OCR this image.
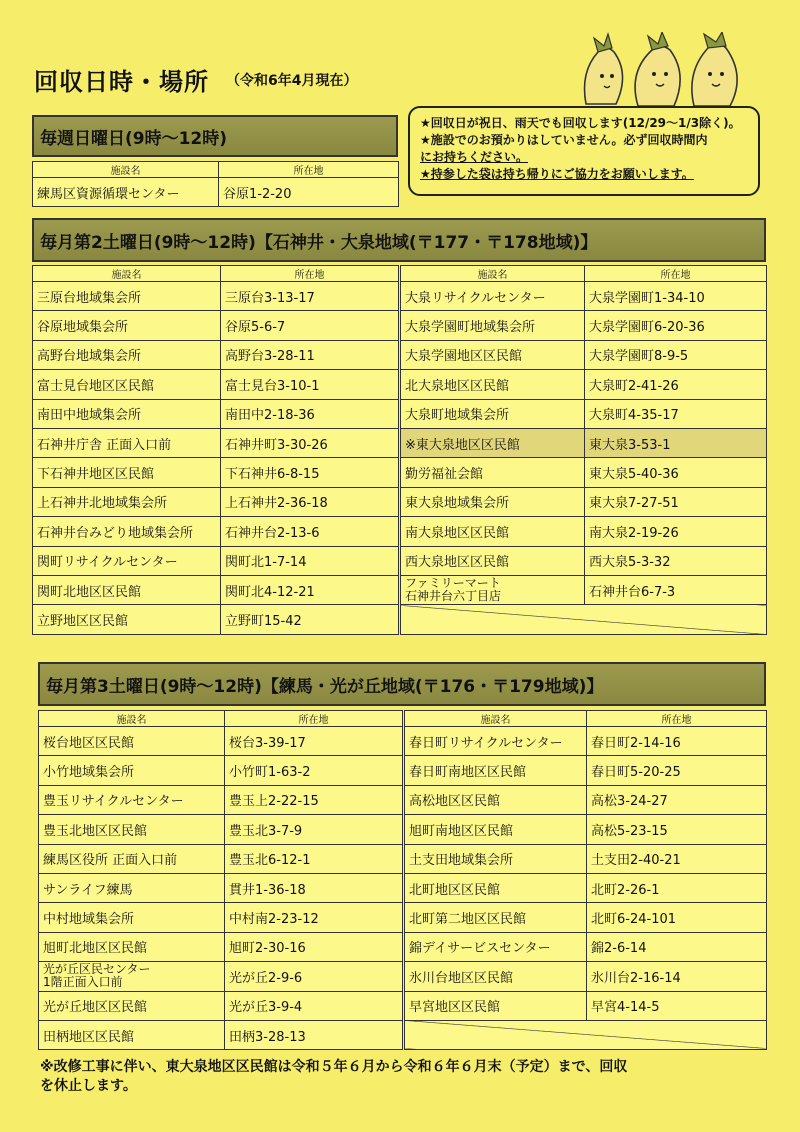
回収日時・場所 （令和6年4月現在）
★回収日が祝日、雨天でも回収します(12/29～1/3除く)。
★施設でのお預かりはしていません。必ず回収時間内
にお持ちください。
★持参した袋は持ち帰りにご協力をお願いします。
毎週日曜日(9時～12時)
施設名	所在地
練馬区資源循環センター	谷原1-2-20
毎月第2土曜日(9時～12時)【石神井・大泉地域(〒177・〒178地域)】
施設名	所在地
三原台地域集会所	三原台3-13-17
谷原地域集会所	谷原5-6-7
高野台地域集会所	高野台3-28-11
富士見台地区区民館	富士見台3-10-1
南田中地域集会所	南田中2-18-36
石神井庁舎 正面入口前	石神井町3-30-26
下石神井地区区民館	下石神井6-8-15
上石神井北地域集会所	上石神井2-36-18
石神井台みどり地域集会所	石神井台2-13-6
関町リサイクルセンター	関町北1-7-14
関町北地区区民館	関町北4-12-21
立野地区区民館	立野町15-42
施設名	所在地
大泉リサイクルセンター	大泉学園町1-34-10
大泉学園町地域集会所	大泉学園町6-20-36
大泉学園地区区民館	大泉学園町8-9-5
北大泉地区区民館	大泉町2-41-26
大泉町地域集会所	大泉町4-35-17
※東大泉地区区民館	東大泉3-53-1
勤労福祉会館	東大泉5-40-36
東大泉地域集会所	東大泉7-27-51
南大泉地区区民館	南大泉2-19-26
西大泉地区区民館	西大泉5-3-32
ファミリーマート
石神井台六丁目店	石神井台6-7-3

毎月第3土曜日(9時～12時)【練馬・光が丘地域(〒176・〒179地域)】
施設名	所在地
桜台地区区民館	桜台3-39-17
小竹地域集会所	小竹町1-63-2
豊玉リサイクルセンター	豊玉上2-22-15
豊玉北地区区民館	豊玉北3-7-9
練馬区役所 正面入口前	豊玉北6-12-1
サンライフ練馬	貫井1-36-18
中村地域集会所	中村南2-23-12
旭町北地区区民館	旭町2-30-16
光が丘区民センター
1階正面入口前	光が丘2-9-6
光が丘地区区民館	光が丘3-9-4
田柄地区区民館	田柄3-28-13
施設名	所在地
春日町リサイクルセンター	春日町2-14-16
春日町南地区区民館	春日町5-20-25
高松地区区民館	高松3-24-27
旭町南地区区民館	高松5-23-15
土支田地域集会所	土支田2-40-21
北町地区区民館	北町2-26-1
北町第二地区区民館	北町6-24-101
錦デイサービスセンター	錦2-6-14
氷川台地区区民館	氷川台2-16-14
早宮地区区民館	早宮4-14-5

※改修工事に伴い、東大泉地区区民館は令和５年６月から令和６年６月末（予定）まで、回収
を休止します。
